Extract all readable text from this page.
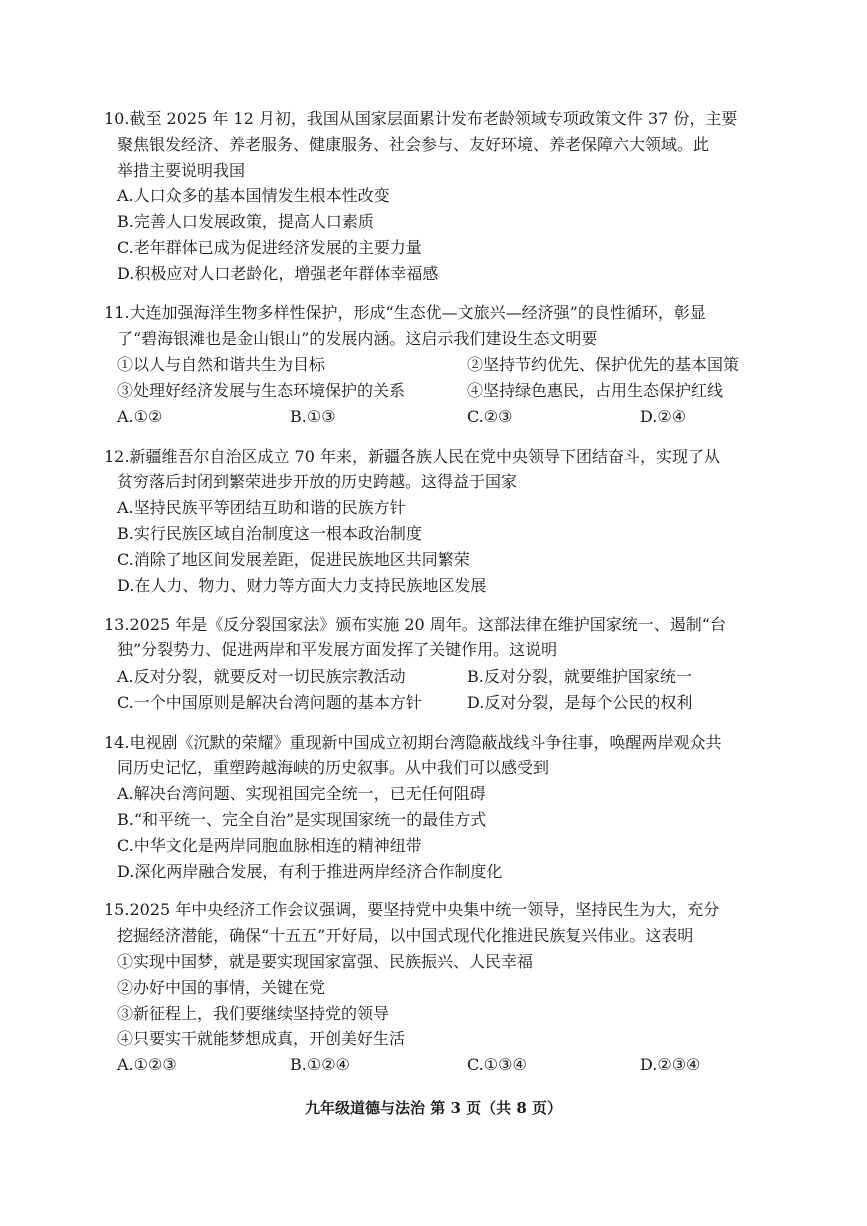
10.截至 2025 年 12 月初，我国从国家层面累计发布老龄领域专项政策文件 37 份，主要
聚焦银发经济、养老服务、健康服务、社会参与、友好环境、养老保障六大领域。此
举措主要说明我国
A.人口众多的基本国情发生根本性改变
B.完善人口发展政策，提高人口素质
C.老年群体已成为促进经济发展的主要力量
D.积极应对人口老龄化，增强老年群体幸福感
11.大连加强海洋生物多样性保护，形成“生态优—文旅兴—经济强”的良性循环，彰显
了“碧海银滩也是金山银山”的发展内涵。这启示我们建设生态文明要
①以人与自然和谐共生为目标	②坚持节约优先、保护优先的基本国策
③处理好经济发展与生态环境保护的关系	④坚持绿色惠民，占用生态保护红线
A.①②	B.①③	C.②③	D.②④
12.新疆维吾尔自治区成立 70 年来，新疆各族人民在党中央领导下团结奋斗，实现了从
贫穷落后封闭到繁荣进步开放的历史跨越。这得益于国家
A.坚持民族平等团结互助和谐的民族方针
B.实行民族区域自治制度这一根本政治制度
C.消除了地区间发展差距，促进民族地区共同繁荣
D.在人力、物力、财力等方面大力支持民族地区发展
13.2025 年是《反分裂国家法》颁布实施 20 周年。这部法律在维护国家统一、遏制“台
独”分裂势力、促进两岸和平发展方面发挥了关键作用。这说明
A.反对分裂，就要反对一切民族宗教活动	B.反对分裂，就要维护国家统一
C.一个中国原则是解决台湾问题的基本方针	D.反对分裂，是每个公民的权利
14.电视剧《沉默的荣耀》重现新中国成立初期台湾隐蔽战线斗争往事，唤醒两岸观众共
同历史记忆，重塑跨越海峡的历史叙事。从中我们可以感受到
A.解决台湾问题、实现祖国完全统一，已无任何阻碍
B.“和平统一、完全自治”是实现国家统一的最佳方式
C.中华文化是两岸同胞血脉相连的精神纽带
D.深化两岸融合发展，有利于推进两岸经济合作制度化
15.2025 年中央经济工作会议强调，要坚持党中央集中统一领导，坚持民生为大，充分
挖掘经济潜能，确保“十五五”开好局，以中国式现代化推进民族复兴伟业。这表明
①实现中国梦，就是要实现国家富强、民族振兴、人民幸福
②办好中国的事情，关键在党
③新征程上，我们要继续坚持党的领导
④只要实干就能梦想成真，开创美好生活
A.①②③	B.①②④	C.①③④	D.②③④
九年级道德与法治 第 3 页（共 8 页）
